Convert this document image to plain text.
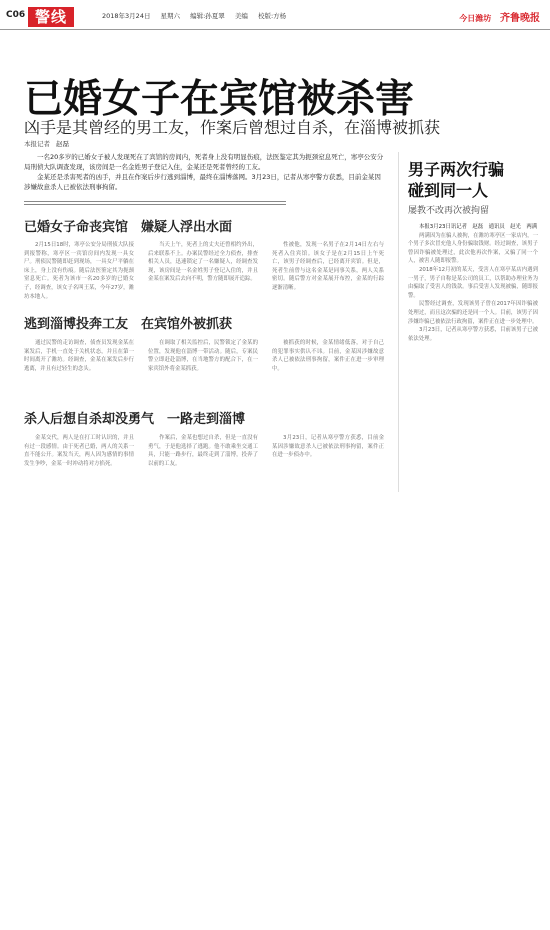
C06 警线	2018年3月24日 星期六 编辑:孙夏翠 美编 校版:方杨	今日潍坊 齐鲁晚报
已婚女子在宾馆被杀害
凶手是其曾经的男工友，作案后曾想过自杀，在淄博被抓获
本报记者 赵磊

一名20多岁的已婚女子被人发现死在了宾馆的房间内，死者身上没有明显伤痕，法医鉴定其为扼颈窒息死亡，寒亭公安分局刑侦大队调查发现，该房间是一名金姓男子登记入住，金某还是死者曾经的工友。

金某还是杀害死者的凶手，并且在作案后步行逃到淄博，最终在淄博落网。3月23日，记者从寒亭警方获悉，目前金某因涉嫌故意杀人已被依法刑事拘留。

已婚女子命丧宾馆　嫌疑人浮出水面

2月15日18时，寒亭公安分局刑侦大队接到报警称，寒亭区一宾馆房间内发现一具女尸。刑侦民警随即赶到现场，一具女尸平躺在床上，身上没有伤痕。随后法医鉴定其为扼颈窒息死亡。死者为该市一名20多岁的已婚女子，经调查，该女子名叫王某，今年27岁，潍坊本地人。

当天上午，死者上的丈夫还曾相约外出，后来联系不上。办案民警经过全力侦查，排查相关人员，迅速锁定了一名嫌疑人，经调查发现，该房间是一名金姓男子登记入住的，并且金某在案发后去向不明，警方随即展开追踪。

性被他，发现一名男子在2月14日左右与死者入住宾馆。该女子是在2月15日上午死亡，该男子经调查后，已经离开宾馆。但是，死者生前曾与这名金某是同事关系，两人关系密切。随后警方对金某展开布控，金某的行踪逐渐清晰。

逃到淄博投奔工友　在宾馆外被抓获

通过民警的走访调查，侦查员发现金某在案发后，手机一直处于关机状态，并且在第一时间离开了潍坊。经调查，金某在案发后步行逃离，并且有过轻生的念头。

在调取了相关监控后，民警锁定了金某的位置，发现他在淄博一带活动。随后，专案民警立即赶赴淄博，在当地警方的配合下，在一家宾馆外将金某抓获。

被抓获的时候，金某情绪低落，对于自己的犯罪事实供认不讳。目前，金某因涉嫌故意杀人已被依法刑事拘留，案件正在进一步审理中。

杀人后想自杀却没勇气　一路走到淄博

金某交代，两人是在打工时认识的，并且有过一段感情。由于死者已婚，两人的关系一直不能公开。案发当天，两人因为感情的事情发生争吵，金某一时冲动将对方掐死。

作案后，金某也想过自杀，但是一直没有勇气，于是他选择了逃跑。他不敢乘坐交通工具，只能一路步行，最终走到了淄博，投奔了以前的工友。

3月23日，记者从寒亭警方获悉，目前金某因涉嫌故意杀人已被依法刑事拘留，案件正在进一步侦办中。

男子两次行骗
碰到同一人
屡教不改再次被拘留

本报3月23日讯记者　赵磊　通讯员　赵光　两满

两满因为在骗人被拘，在潍坊寒亭区一家店内，一个男子多次冒充他人身份骗取钱财。经过调查，该男子曾因诈骗被处理过，此次他再次作案，又骗了同一个人，被害人随即报警。

2018年12月初的某天，受害人在寒亭某店内遇到一男子，男子自称是某公司的员工，以帮助办理业务为由骗取了受害人的钱款。事后受害人发现被骗，随即报警。

民警经过调查，发现该男子曾在2017年因诈骗被处理过，而且这次骗的还是同一个人。目前，该男子因涉嫌诈骗已被依法行政拘留，案件正在进一步处理中。

3月23日，记者从寒亭警方获悉，目前该男子已被依法处理。
